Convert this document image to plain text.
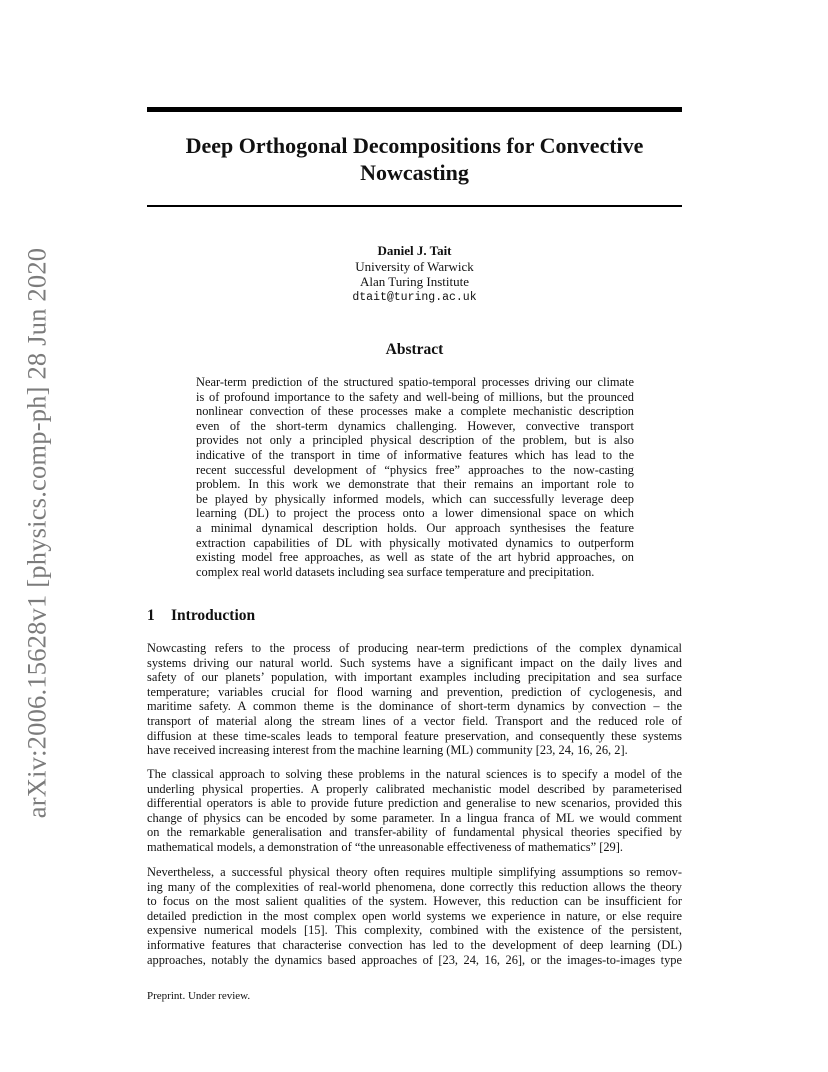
arXiv:2006.15628v1 [physics.comp-ph] 28 Jun 2020
Deep Orthogonal Decompositions for Convective
Nowcasting
Daniel J. Tait
University of Warwick
Alan Turing Institute
dtait@turing.ac.uk
Abstract
Near-term prediction of the structured spatio-temporal processes driving our climate
is of profound importance to the safety and well-being of millions, but the prounced
nonlinear convection of these processes make a complete mechanistic description
even of the short-term dynamics challenging. However, convective transport
provides not only a principled physical description of the problem, but is also
indicative of the transport in time of informative features which has lead to the
recent successful development of “physics free” approaches to the now-casting
problem. In this work we demonstrate that their remains an important role to
be played by physically informed models, which can successfully leverage deep
learning (DL) to project the process onto a lower dimensional space on which
a minimal dynamical description holds. Our approach synthesises the feature
extraction capabilities of DL with physically motivated dynamics to outperform
existing model free approaches, as well as state of the art hybrid approaches, on
complex real world datasets including sea surface temperature and precipitation.
1 Introduction
Nowcasting refers to the process of producing near-term predictions of the complex dynamical
systems driving our natural world. Such systems have a significant impact on the daily lives and
safety of our planets’ population, with important examples including precipitation and sea surface
temperature; variables crucial for flood warning and prevention, prediction of cyclogenesis, and
maritime safety. A common theme is the dominance of short-term dynamics by convection – the
transport of material along the stream lines of a vector field. Transport and the reduced role of
diffusion at these time-scales leads to temporal feature preservation, and consequently these systems
have received increasing interest from the machine learning (ML) community [23, 24, 16, 26, 2].
The classical approach to solving these problems in the natural sciences is to specify a model of the
underling physical properties. A properly calibrated mechanistic model described by parameterised
differential operators is able to provide future prediction and generalise to new scenarios, provided this
change of physics can be encoded by some parameter. In a lingua franca of ML we would comment
on the remarkable generalisation and transfer-ability of fundamental physical theories specified by
mathematical models, a demonstration of “the unreasonable effectiveness of mathematics” [29].
Nevertheless, a successful physical theory often requires multiple simplifying assumptions so remov-
ing many of the complexities of real-world phenomena, done correctly this reduction allows the theory
to focus on the most salient qualities of the system. However, this reduction can be insufficient for
detailed prediction in the most complex open world systems we experience in nature, or else require
expensive numerical models [15]. This complexity, combined with the existence of the persistent,
informative features that characterise convection has led to the development of deep learning (DL)
approaches, notably the dynamics based approaches of [23, 24, 16, 26], or the images-to-images type
Preprint. Under review.
